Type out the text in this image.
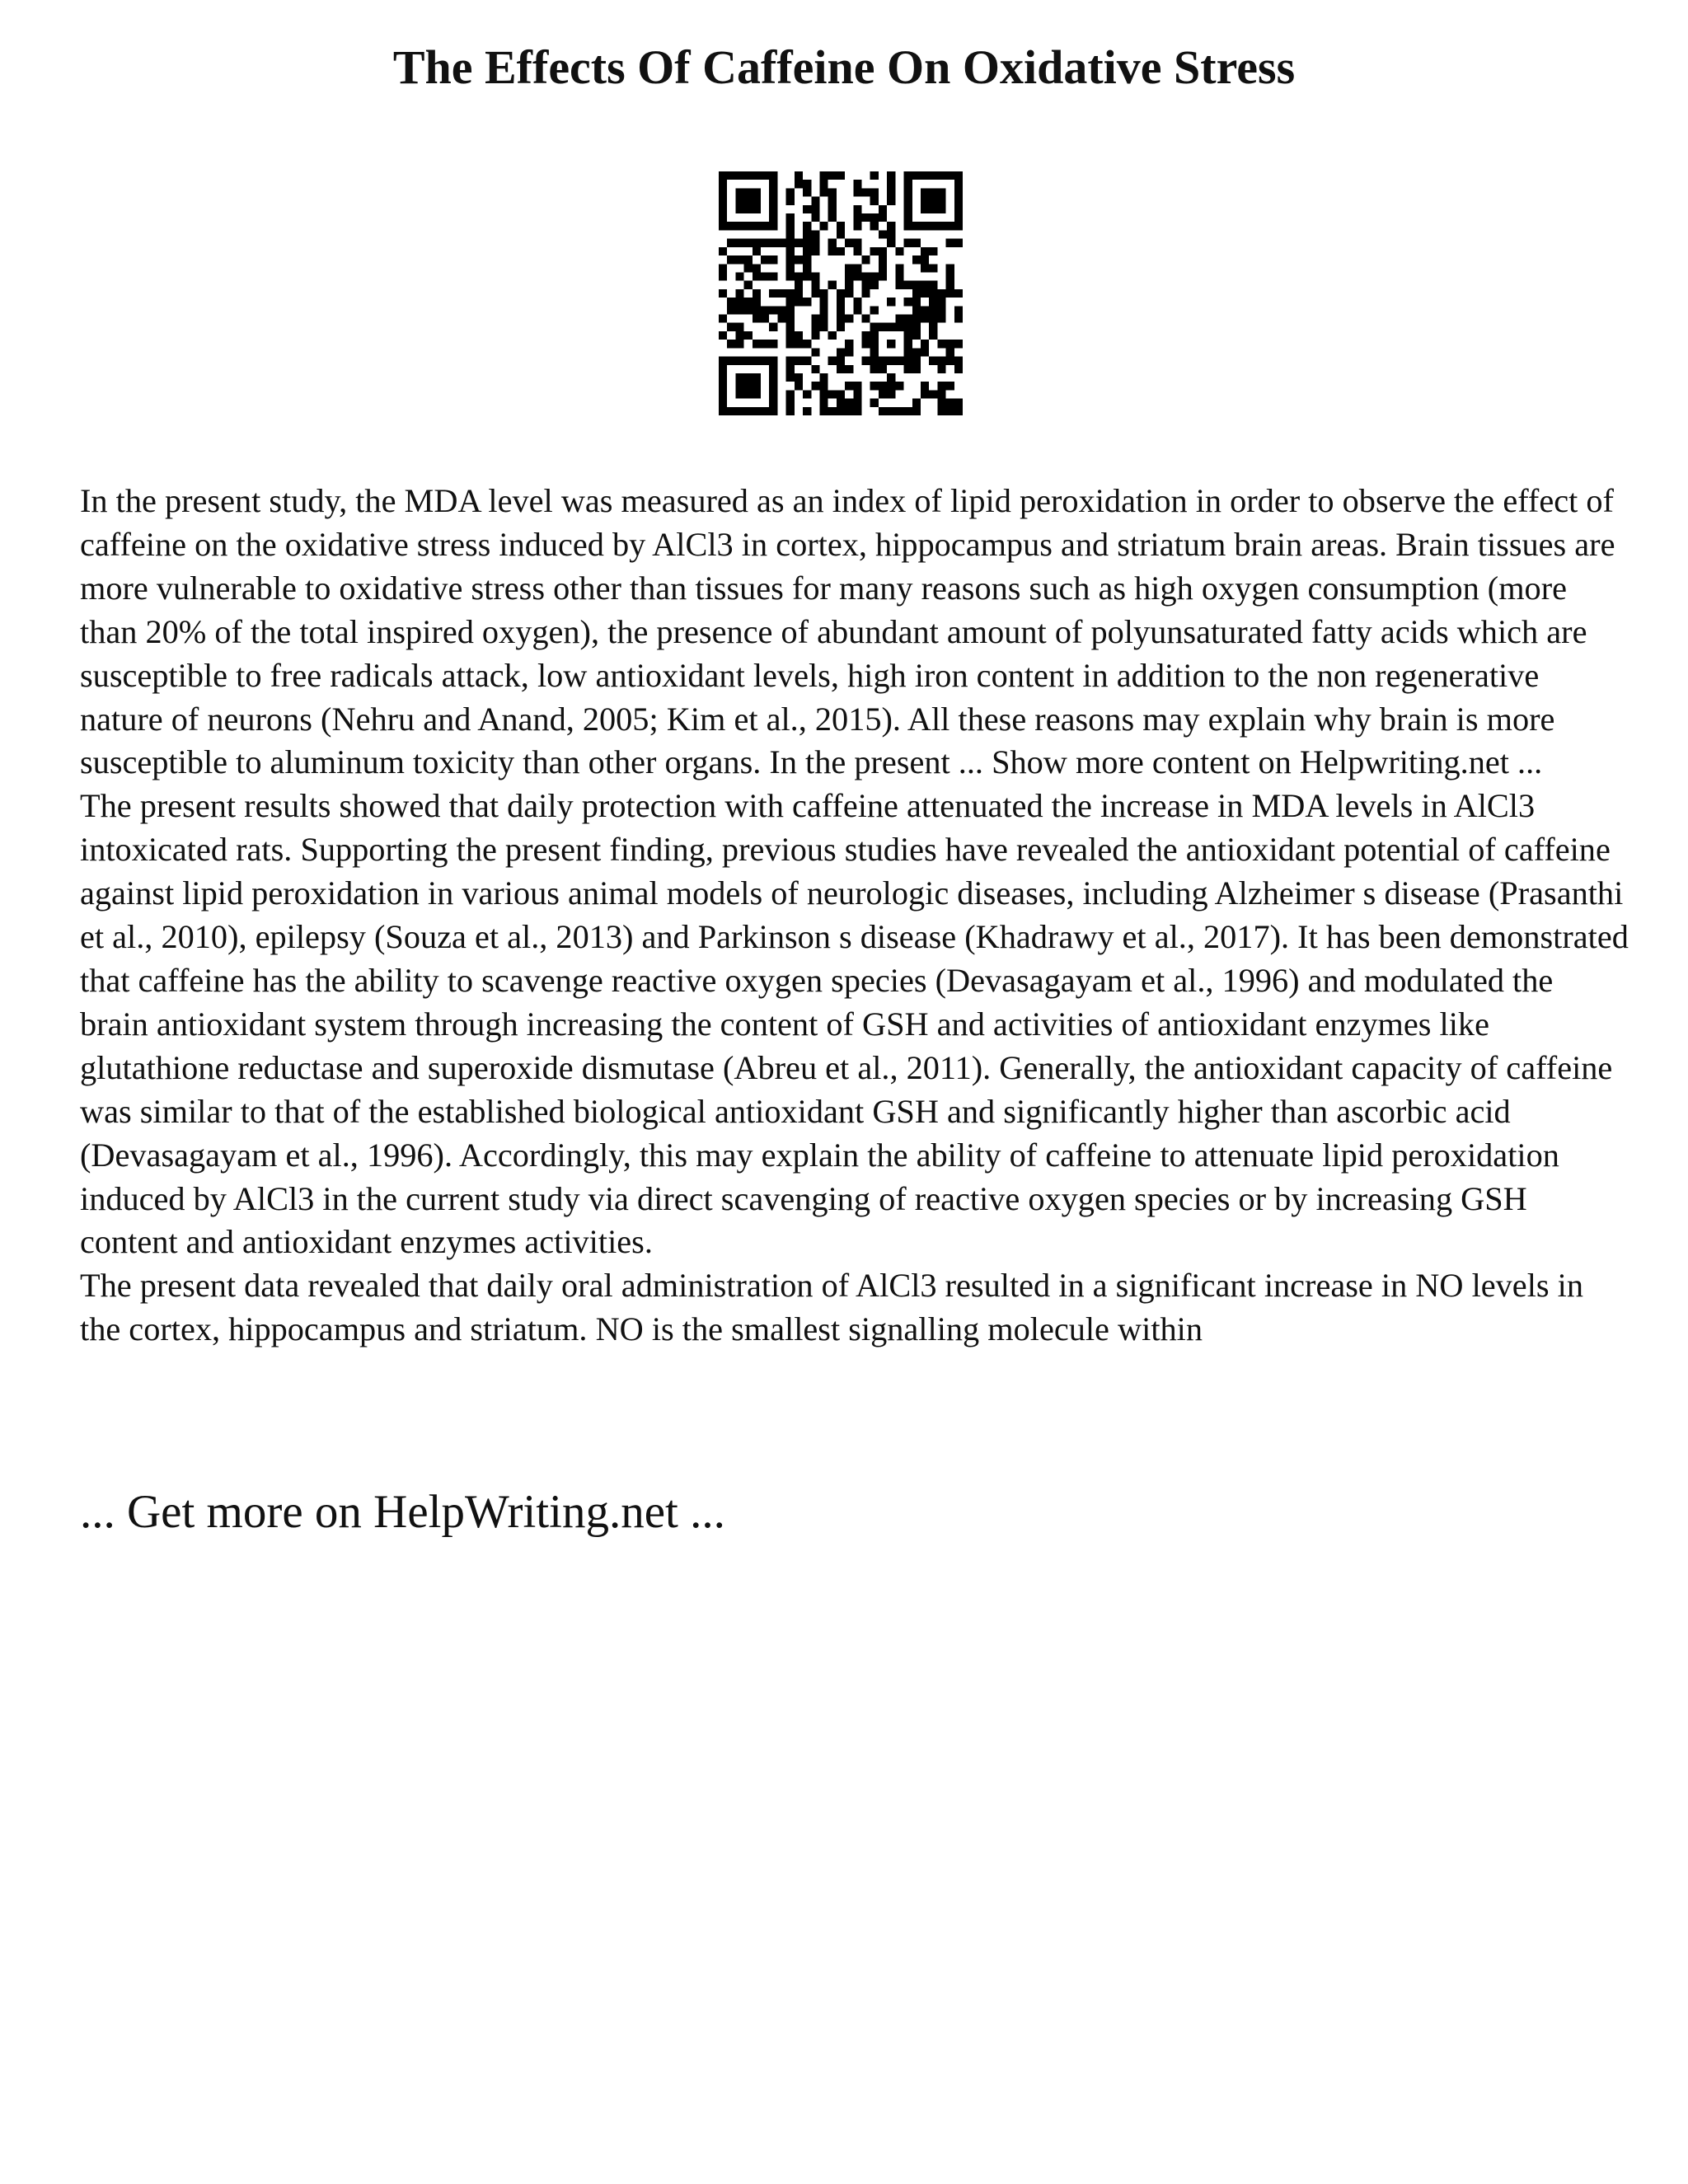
The Effects Of Caffeine On Oxidative Stress

In the present study, the MDA level was measured as an index of lipid peroxidation in order to observe the effect of caffeine on the oxidative stress induced by AlCl3 in cortex, hippocampus and striatum brain areas. Brain tissues are more vulnerable to oxidative stress other than tissues for many reasons such as high oxygen consumption (more than 20% of the total inspired oxygen), the presence of abundant amount of polyunsaturated fatty acids which are susceptible to free radicals attack, low antioxidant levels, high iron content in addition to the non regenerative nature of neurons (Nehru and Anand, 2005; Kim et al., 2015). All these reasons may explain why brain is more susceptible to aluminum toxicity than other organs. In the present ... Show more content on Helpwriting.net ...

The present results showed that daily protection with caffeine attenuated the increase in MDA levels in AlCl3 intoxicated rats. Supporting the present finding, previous studies have revealed the antioxidant potential of caffeine against lipid peroxidation in various animal models of neurologic diseases, including Alzheimer s disease (Prasanthi et al., 2010), epilepsy (Souza et al., 2013) and Parkinson s disease (Khadrawy et al., 2017). It has been demonstrated that caffeine has the ability to scavenge reactive oxygen species (Devasagayam et al., 1996) and modulated the brain antioxidant system through increasing the content of GSH and activities of antioxidant enzymes like glutathione reductase and superoxide dismutase (Abreu et al., 2011). Generally, the antioxidant capacity of caffeine was similar to that of the established biological antioxidant GSH and significantly higher than ascorbic acid (Devasagayam et al., 1996). Accordingly, this may explain the ability of caffeine to attenuate lipid peroxidation induced by AlCl3 in the current study via direct scavenging of reactive oxygen species or by increasing GSH content and antioxidant enzymes activities.

The present data revealed that daily oral administration of AlCl3 resulted in a significant increase in NO levels in the cortex, hippocampus and striatum. NO is the smallest signalling molecule within

... Get more on HelpWriting.net ...
